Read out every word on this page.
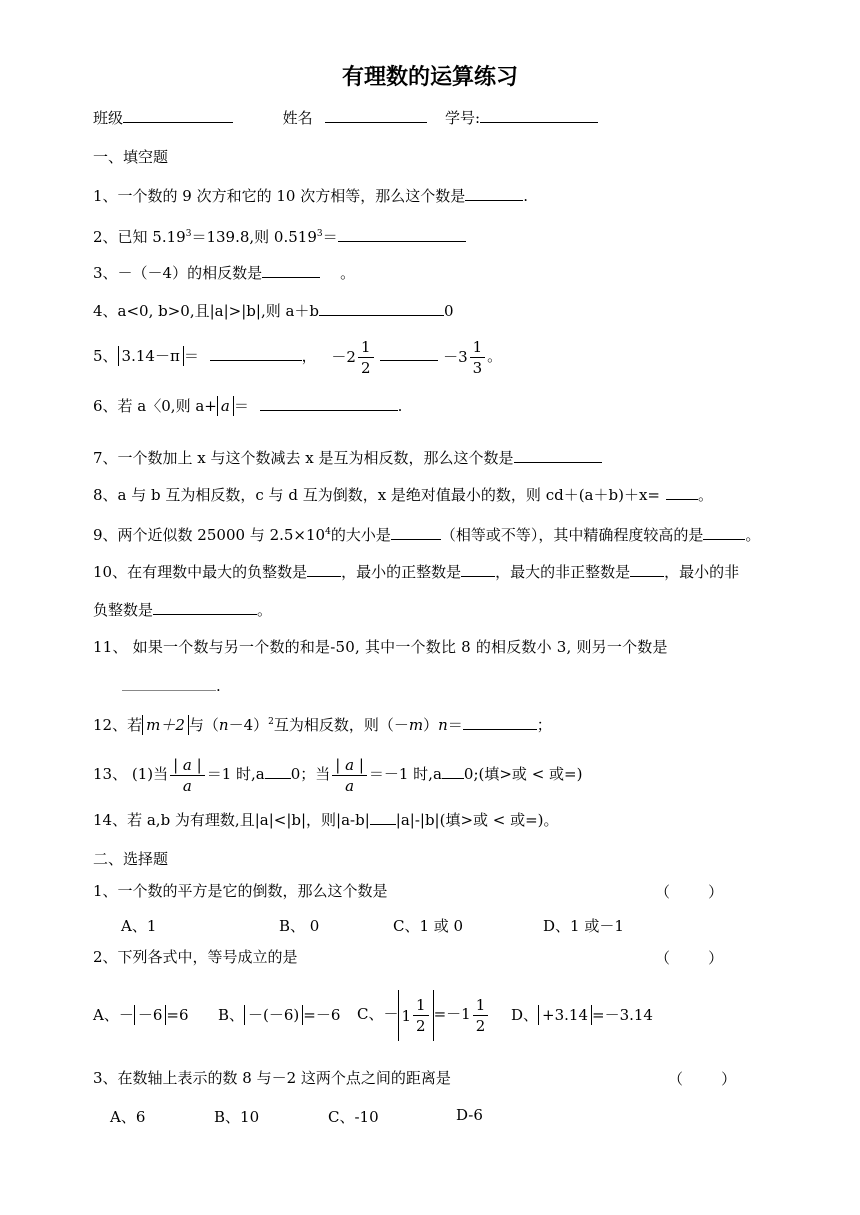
有理数的运算练习
班级	姓名	学号:
一、填空题
1、一个数的 9 次方和它的 10 次方相等，那么这个数是	.
2、已知 $5.19^3=139.8$,则 $0.519^3=$
3、－（－4）的相反数是	。
4、a<0, b>0,且|a|>|b|,则 a＋b	0
5、 3.14－π ＝	， $-2 \frac{1}{2}$
	$-3 \frac{1}{3}$ 。
6、若 a〈0,则 a+ a ＝	.
7、一个数加上 x 与这个数减去 x 是互为相反数，那么这个数是
8、a 与 b 互为相反数，c 与 d 互为倒数，x 是绝对值最小的数，则 cd＋(a＋b)＋x=	。
9、两个近似数 25000 与 $2.5\times 10^4$的大小是	（相等或不等），其中精确程度较高的是	。
10、在有理数中最大的负整数是 ，最小的正整数是 ，最大的非正整数是 ，最小的非
负整数是	。
11、 如果一个数与另一个数的和是-50, 其中一个数比 8 的相反数小 3, 则另一个数是
.
12、若 m＋2 与$(n-4)^2$互为相反数，则（－m）n＝	；
13、 (1)当 $\frac{| a |}{a} =1$ 时,a 0；当 $\frac{| a |}{a} =-1$ 时,a 0;(填>或 < 或=)
14、若 a,b 为有理数,且|a|<|b|，则|a-b| |a|-|b|(填>或 < 或=)。
二、选择题
1、一个数的平方是它的倒数，那么这个数是	（        ）
A、1	B、 0	C、1 或 0	D、1 或－1
2、下列各式中，等号成立的是	（        ）
A、－ －6 =6 B、 －(－6) =－6 C、－ $1 \frac{1}{2} =-1 \frac{1}{2}$ D、 +3.14 =－3.14
3、在数轴上表示的数 8 与－2 这两个点之间的距离是	（        ）
A、6	B、10	C、-10	D-6
